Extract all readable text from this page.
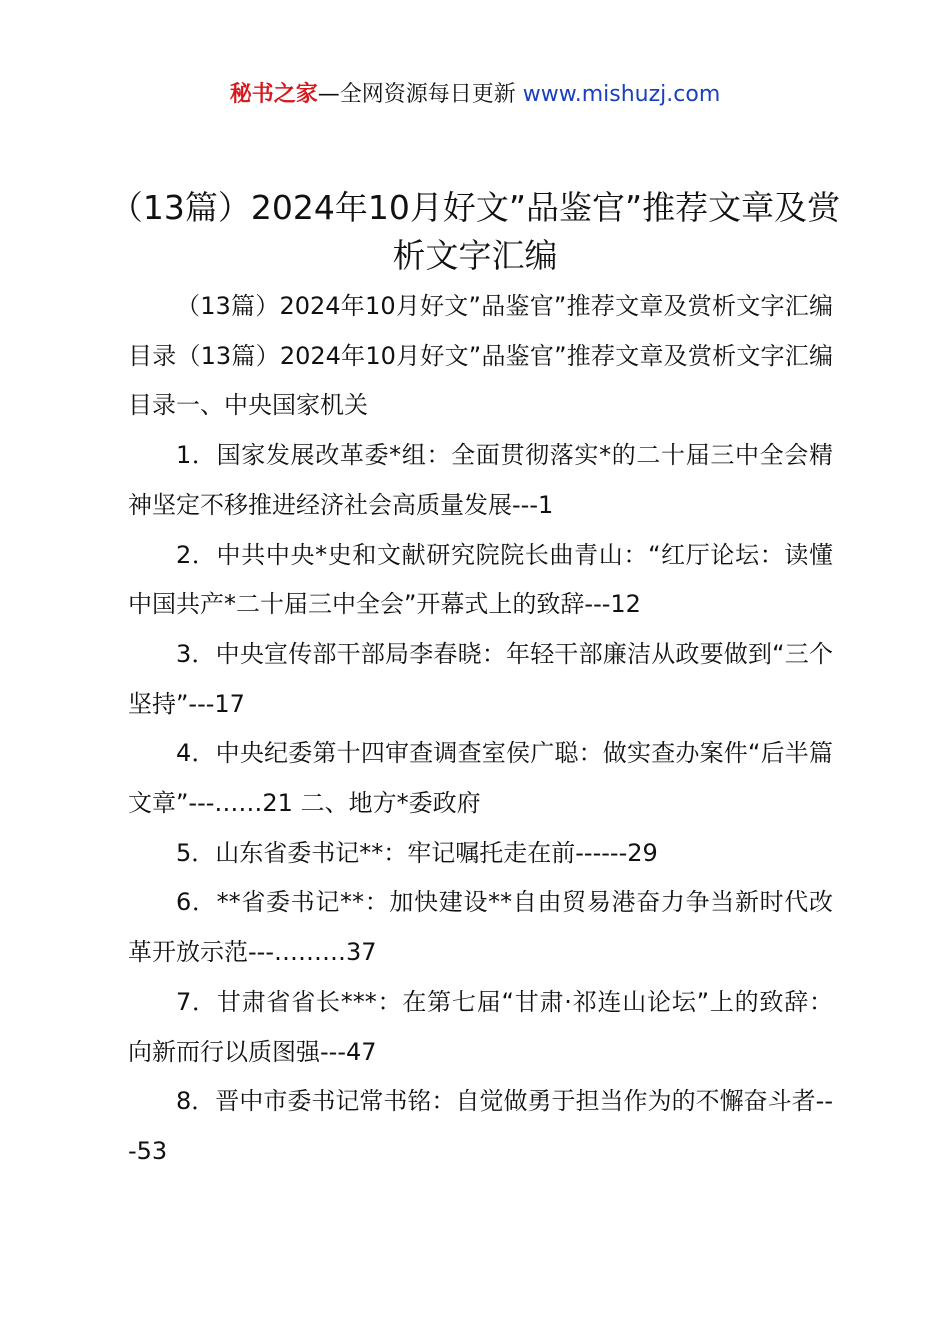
秘书之家—全网资源每日更新 www.mishuzj.com
（13篇）2024年10月好文”品鉴官”推荐文章及赏析文字汇编

（13篇）2024年10月好文”品鉴官”推荐文章及赏析文字汇编目录（13篇）2024年10月好文”品鉴官”推荐文章及赏析文字汇编目录一、中央国家机关

1．国家发展改革委*组：全面贯彻落实*的二十届三中全会精神坚定不移推进经济社会高质量发展---1

2．中共中央*史和文献研究院院长曲青山：“红厅论坛：读懂中国共产*二十届三中全会”开幕式上的致辞---12

3．中央宣传部干部局李春晓：年轻干部廉洁从政要做到“三个坚持”---17

4．中央纪委第十四审查调查室侯广聪：做实查办案件“后半篇文章”---……21 二、地方*委政府

5．山东省委书记**：牢记嘱托走在前------29

6．**省委书记**：加快建设**自由贸易港奋力争当新时代改革开放示范---………37

7．甘肃省省长***：在第七届“甘肃·祁连山论坛”上的致辞：向新而行以质图强---47

8．晋中市委书记常书铭：自觉做勇于担当作为的不懈奋斗者---53
